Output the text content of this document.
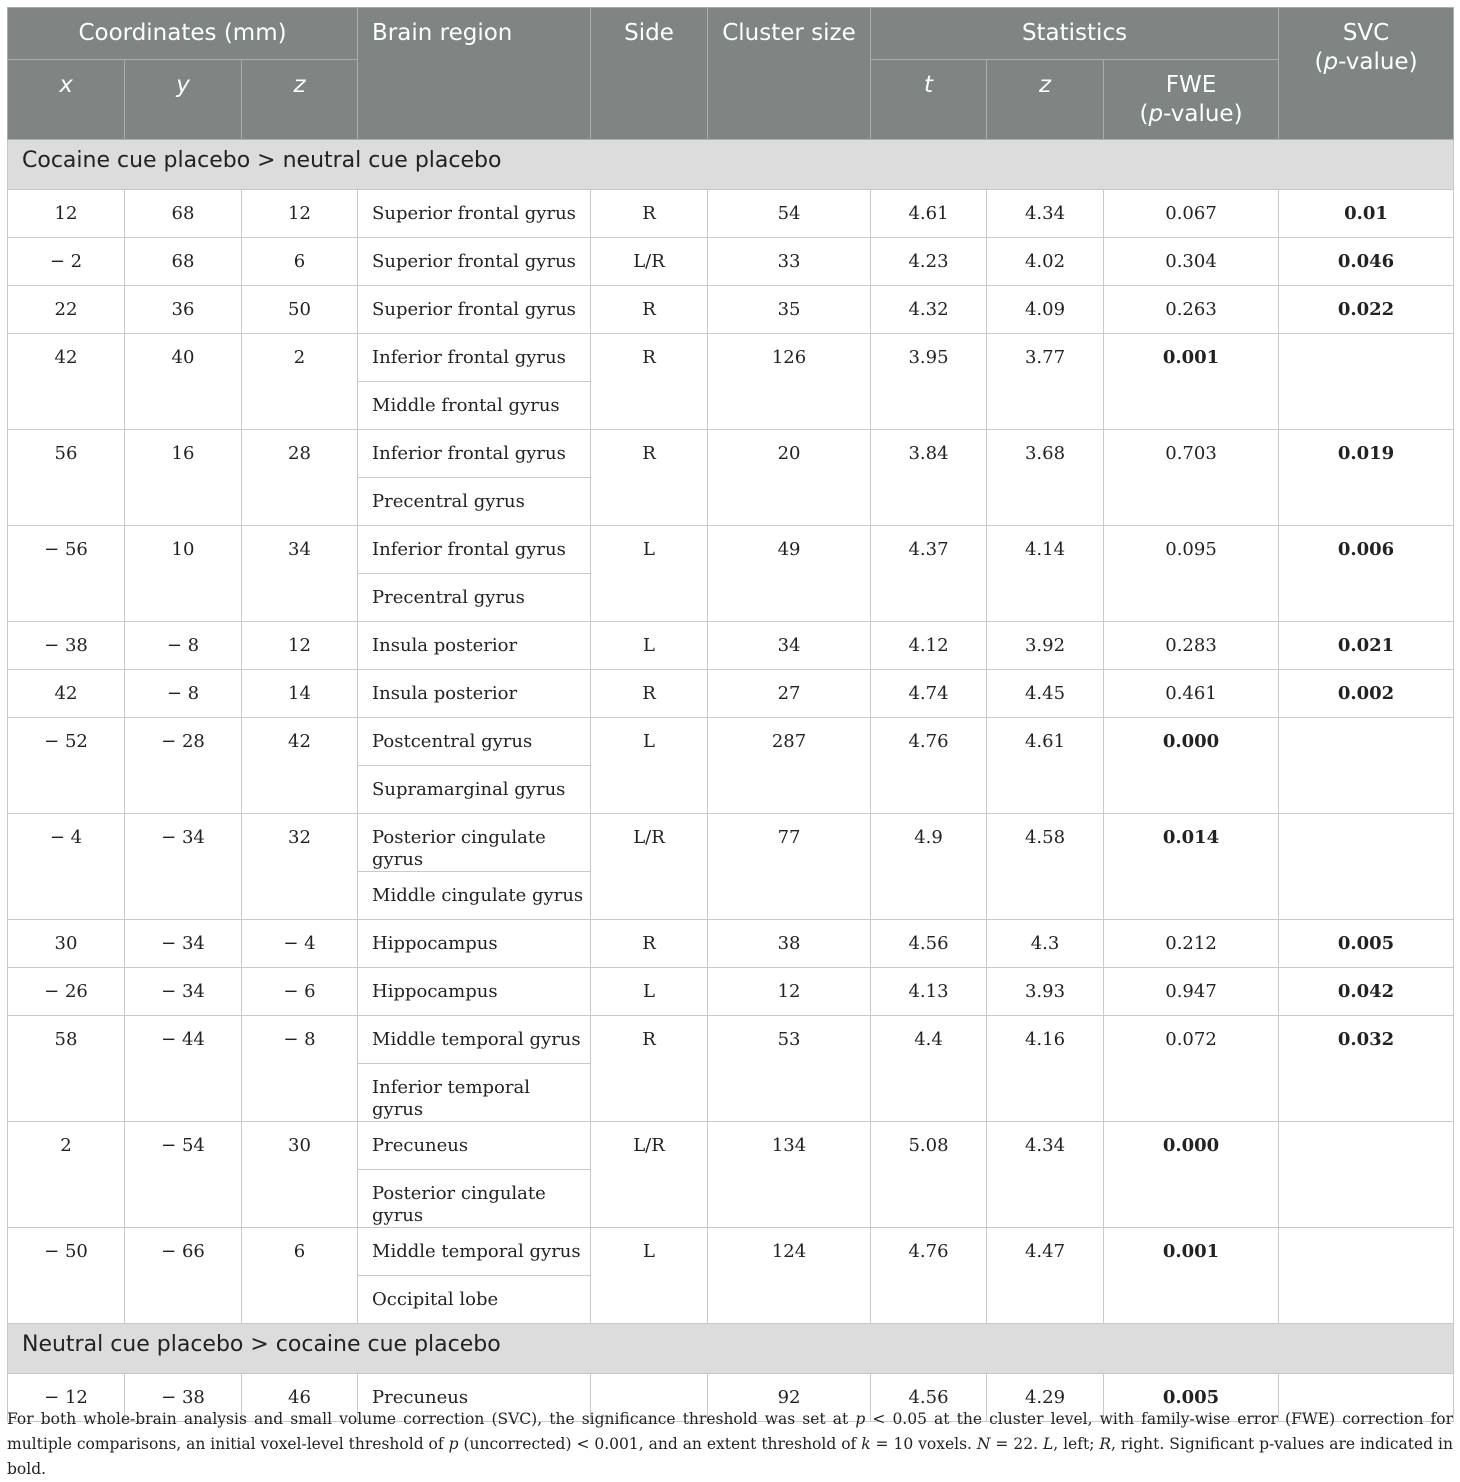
Coordinates (mm)			Brain region	Side	Cluster size	Statistics			SVC
(p-value)
x	y	z				t	z	FWE
(p-value)	
Cocaine cue placebo > neutral cue placebo									
12	68	12	Superior frontal gyrus	R	54	4.61	4.34	0.067	0.01
− 2	68	6	Superior frontal gyrus	L/R	33	4.23	4.02	0.304	0.046
22	36	50	Superior frontal gyrus	R	35	4.32	4.09	0.263	0.022
42	40	2	Inferior frontal gyrus	R	126	3.95	3.77	0.001	
			Middle frontal gyrus						
56	16	28	Inferior frontal gyrus	R	20	3.84	3.68	0.703	0.019
			Precentral gyrus						
− 56	10	34	Inferior frontal gyrus	L	49	4.37	4.14	0.095	0.006
			Precentral gyrus						
− 38	− 8	12	Insula posterior	L	34	4.12	3.92	0.283	0.021
42	− 8	14	Insula posterior	R	27	4.74	4.45	0.461	0.002
− 52	− 28	42	Postcentral gyrus	L	287	4.76	4.61	0.000	
			Supramarginal gyrus						
− 4	− 34	32	Posterior cingulate gyrus	L/R	77	4.9	4.58	0.014	
			Middle cingulate gyrus						
30	− 34	− 4	Hippocampus	R	38	4.56	4.3	0.212	0.005
− 26	− 34	− 6	Hippocampus	L	12	4.13	3.93	0.947	0.042
58	− 44	− 8	Middle temporal gyrus	R	53	4.4	4.16	0.072	0.032
			Inferior temporal gyrus						
2	− 54	30	Precuneus	L/R	134	5.08	4.34	0.000	
			Posterior cingulate gyrus						
− 50	− 66	6	Middle temporal gyrus	L	124	4.76	4.47	0.001	
			Occipital lobe						
Neutral cue placebo > cocaine cue placebo									
− 12	− 38	46	Precuneus		92	4.56	4.29	0.005	
For both whole-brain analysis and small volume correction (SVC), the significance threshold was set at p < 0.05 at the cluster level, with family-wise error (FWE) correction for multiple comparisons, an initial voxel-level threshold of p (uncorrected) < 0.001, and an extent threshold of k = 10 voxels. N = 22. L, left; R, right. Significant p-values are indicated in bold.
